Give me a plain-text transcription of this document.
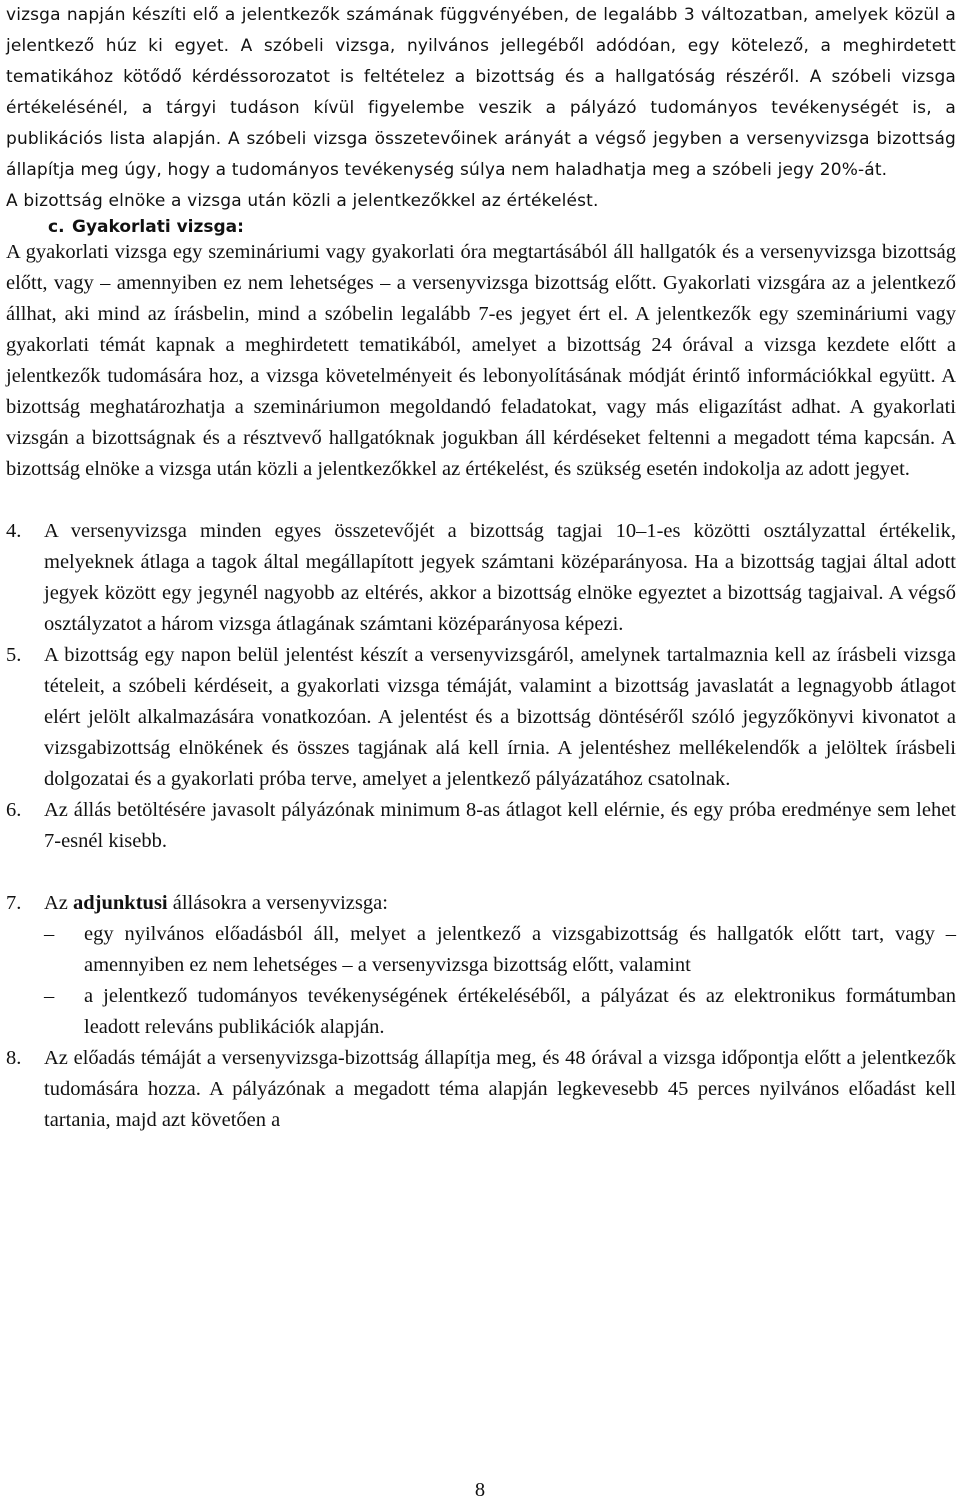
vizsga napján készíti elő a jelentkezők számának függvényében, de legalább 3 változatban, amelyek közül a jelentkező húz ki egyet. A szóbeli vizsga, nyilvános jellegéből adódóan, egy kötelező, a meghirdetett tematikához kötődő kérdéssorozatot is feltételez a bizottság és a hallgatóság részéről. A szóbeli vizsga értékelésénél, a tárgyi tudáson kívül figyelembe veszik a pályázó tudományos tevékenységét is, a publikációs lista alapján. A szóbeli vizsga összetevőinek arányát a végső jegyben a versenyvizsga bizottság állapítja meg úgy, hogy a tudományos tevékenység súlya nem haladhatja meg a szóbeli jegy 20%-át.

A bizottság elnöke a vizsga után közli a jelentkezőkkel az értékelést.

c. Gyakorlati vizsga:

A gyakorlati vizsga egy szemináriumi vagy gyakorlati óra megtartásából áll hallgatók és a versenyvizsga bizottság előtt, vagy – amennyiben ez nem lehetséges – a versenyvizsga bizottság előtt. Gyakorlati vizsgára az a jelentkező állhat, aki mind az írásbelin, mind a szóbelin legalább 7-es jegyet ért el. A jelentkezők egy szemináriumi vagy gyakorlati témát kapnak a meghirdetett tematikából, amelyet a bizottság 24 órával a vizsga kezdete előtt a jelentkezők tudomására hoz, a vizsga követelményeit és lebonyolításának módját érintő információkkal együtt. A bizottság meghatározhatja a szemináriumon megoldandó feladatokat, vagy más eligazítást adhat. A gyakorlati vizsgán a bizottságnak és a résztvevő hallgatóknak jogukban áll kérdéseket feltenni a megadott téma kapcsán. A bizottság elnöke a vizsga után közli a jelentkezőkkel az értékelést, és szükség esetén indokolja az adott jegyet.

4. A versenyvizsga minden egyes összetevőjét a bizottság tagjai 10–1-es közötti osztályzattal értékelik, melyeknek átlaga a tagok által megállapított jegyek számtani középarányosa. Ha a bizottság tagjai által adott jegyek között egy jegynél nagyobb az eltérés, akkor a bizottság elnöke egyeztet a bizottság tagjaival. A végső osztályzatot a három vizsga átlagának számtani középarányosa képezi.
5. A bizottság egy napon belül jelentést készít a versenyvizsgáról, amelynek tartalmaznia kell az írásbeli vizsga tételeit, a szóbeli kérdéseit, a gyakorlati vizsga témáját, valamint a bizottság javaslatát a legnagyobb átlagot elért jelölt alkalmazására vonatkozóan. A jelentést és a bizottság döntéséről szóló jegyzőkönyvi kivonatot a vizsgabizottság elnökének és összes tagjának alá kell írnia. A jelentéshez mellékelendők a jelöltek írásbeli dolgozatai és a gyakorlati próba terve, amelyet a jelentkező pályázatához csatolnak.
6. Az állás betöltésére javasolt pályázónak minimum 8-as átlagot kell elérnie, és egy próba eredménye sem lehet 7-esnél kisebb.
7. Az adjunktusi állásokra a versenyvizsga:
– egy nyilvános előadásból áll, melyet a jelentkező a vizsgabizottság és hallgatók előtt tart, vagy – amennyiben ez nem lehetséges – a versenyvizsga bizottság előtt, valamint
– a jelentkező tudományos tevékenységének értékeléséből, a pályázat és az elektronikus formátumban leadott releváns publikációk alapján.
8. Az előadás témáját a versenyvizsga-bizottság állapítja meg, és 48 órával a vizsga időpontja előtt a jelentkezők tudomására hozza. A pályázónak a megadott téma alapján legkevesebb 45 perces nyilvános előadást kell tartania, majd azt követően a
8
